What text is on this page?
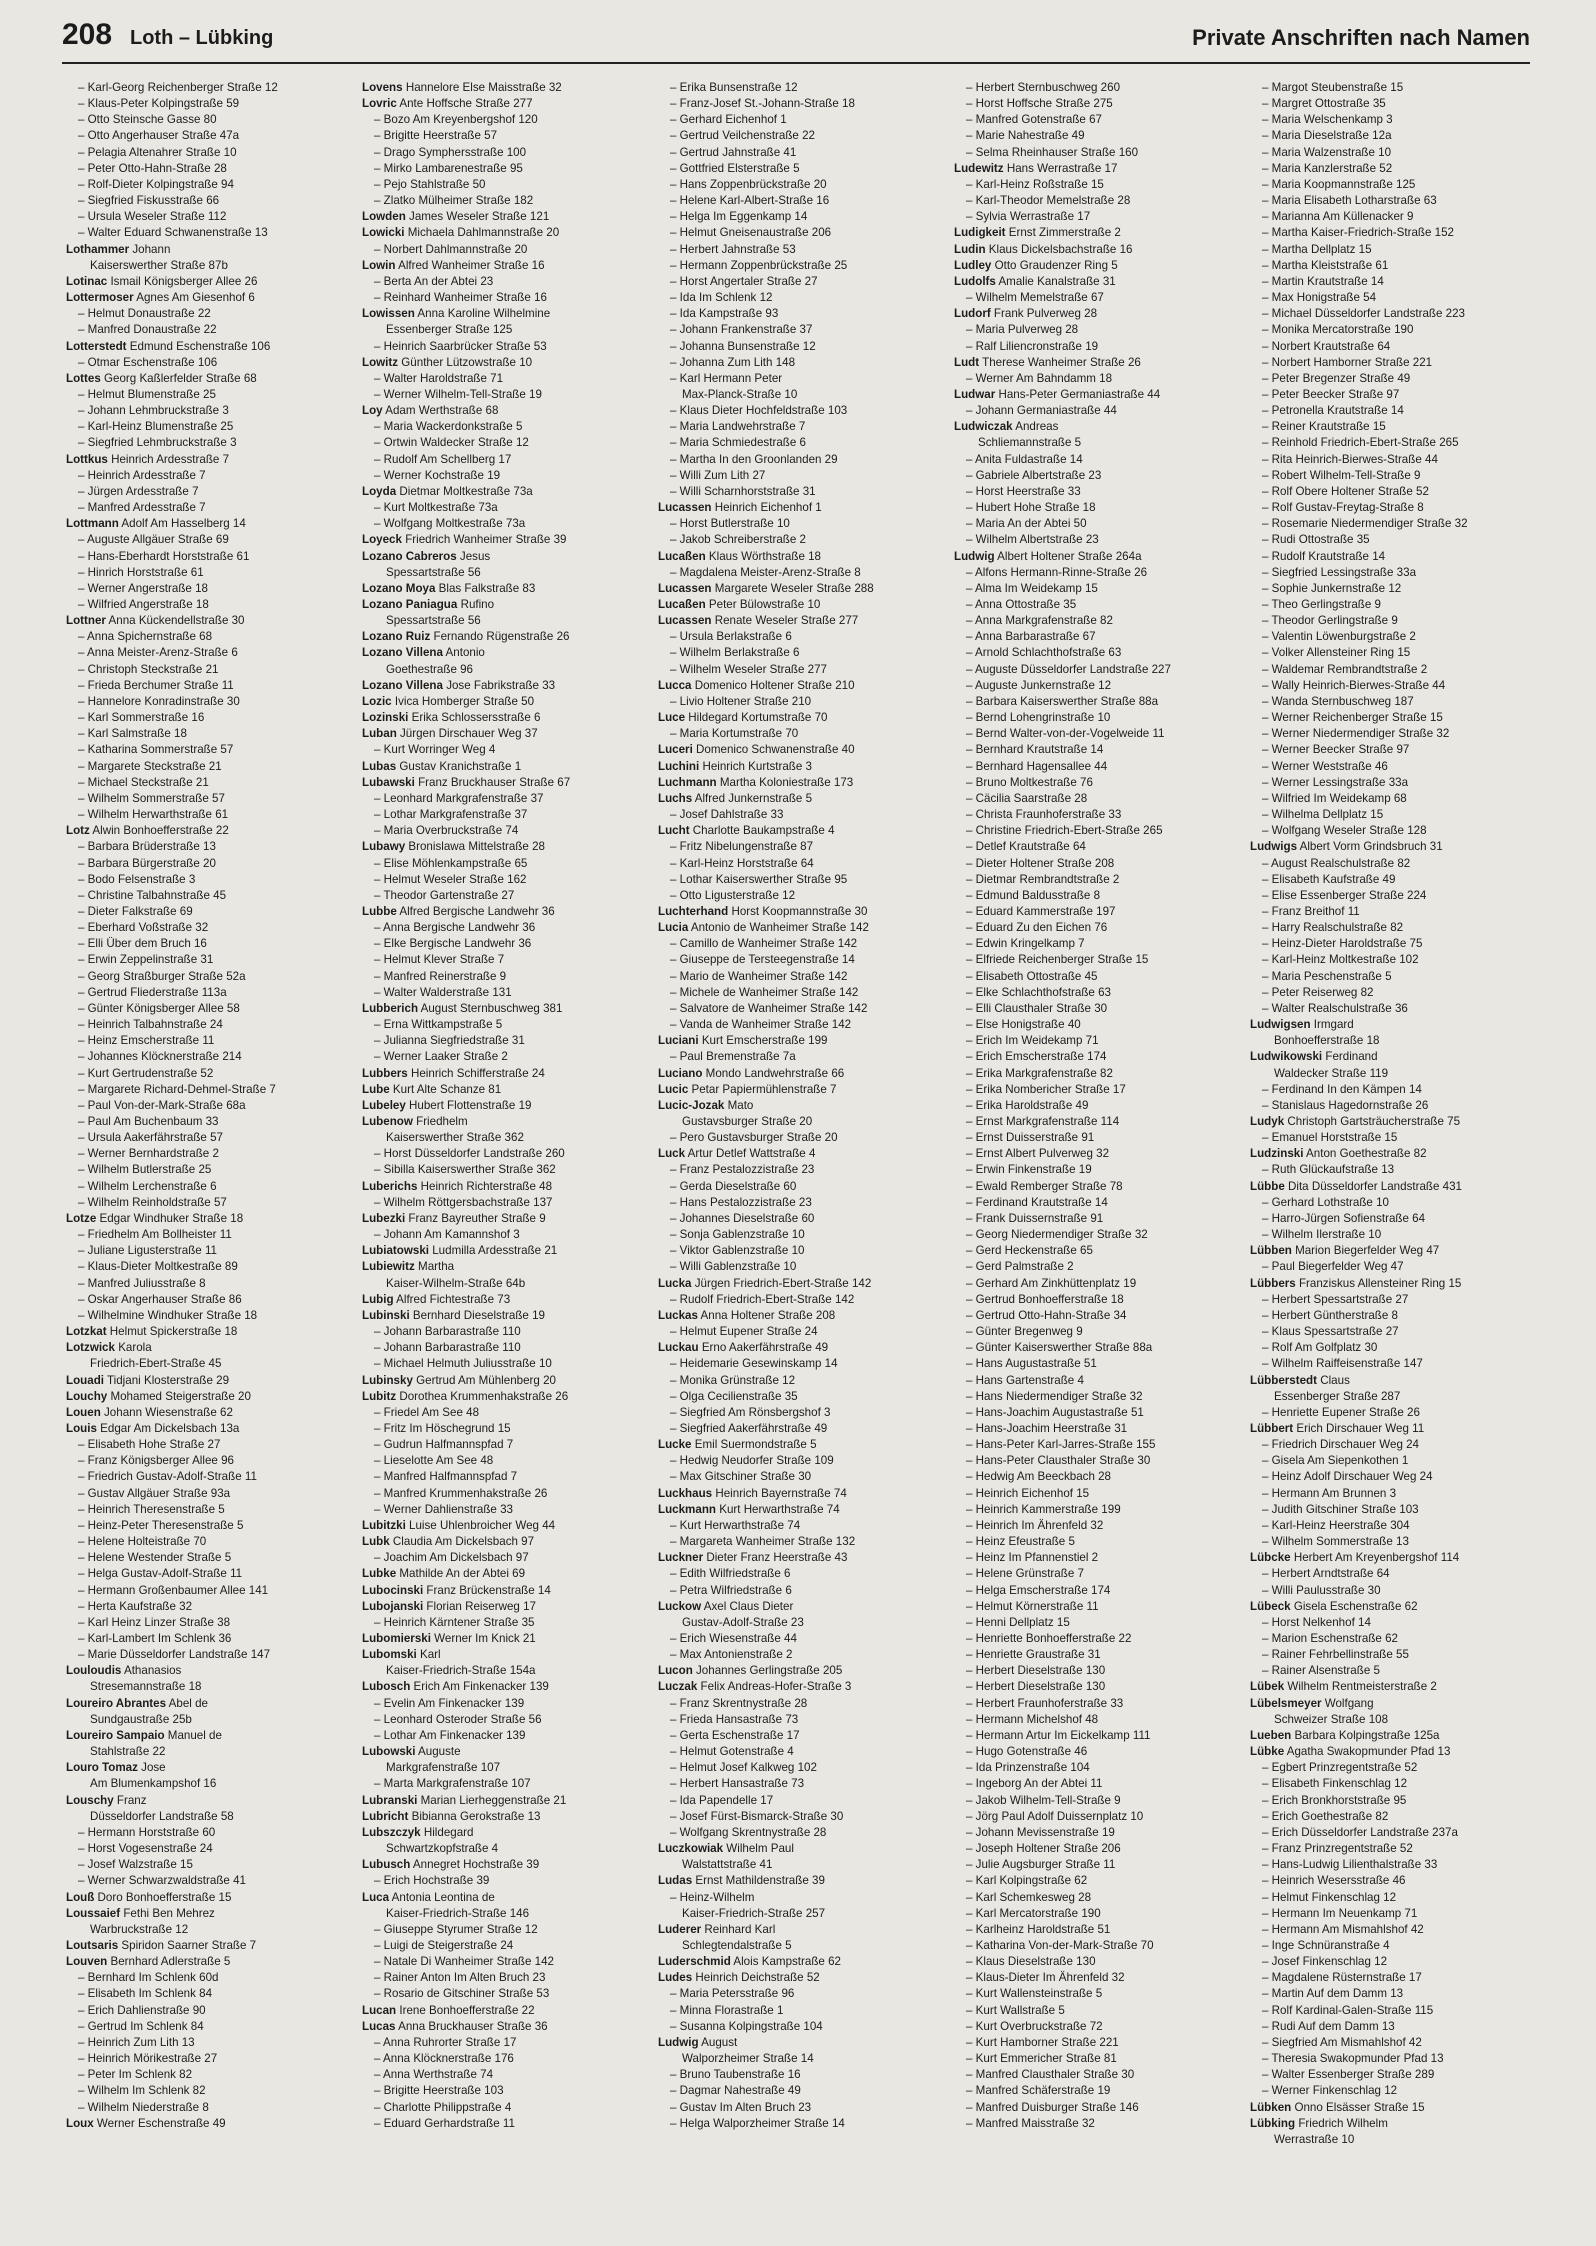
208 Loth – Lübking	Private Anschriften nach Namen
– Karl-Georg Reichenberger Straße 12
– Klaus-Peter Kolpingstraße 59
– Otto Steinsche Gasse 80
– Otto Angerhauser Straße 47a
– Pelagia Altenahrer Straße 10
– Peter Otto-Hahn-Straße 28
– Rolf-Dieter Kolpingstraße 94
– Siegfried Fiskusstraße 66
– Ursula Weseler Straße 112
– Walter Eduard Schwanenstraße 13
Lothammer Johann
Kaiserswerther Straße 87b
Lotinac Ismail Königsberger Allee 26
Lottermoser Agnes Am Giesenhof 6
– Helmut Donaustraße 22
– Manfred Donaustraße 22
Lotterstedt Edmund Eschenstraße 106
– Otmar Eschenstraße 106
Lottes Georg Kaßlerfelder Straße 68
– Helmut Blumenstraße 25
– Johann Lehmbruckstraße 3
– Karl-Heinz Blumenstraße 25
– Siegfried Lehmbruckstraße 3
Lottkus Heinrich Ardesstraße 7
– Heinrich Ardesstraße 7
– Jürgen Ardesstraße 7
– Manfred Ardesstraße 7
Lottmann Adolf Am Hasselberg 14
– Auguste Allgäuer Straße 69
– Hans-Eberhardt Horststraße 61
– Hinrich Horststraße 61
– Werner Angerstraße 18
– Wilfried Angerstraße 18
Lottner Anna Kückendellstraße 30
– Anna Spichernstraße 68
– Anna Meister-Arenz-Straße 6
– Christoph Steckstraße 21
– Frieda Berchumer Straße 11
– Hannelore Konradinstraße 30
– Karl Sommerstraße 16
– Karl Salmstraße 18
– Katharina Sommerstraße 57
– Margarete Steckstraße 21
– Michael Steckstraße 21
– Wilhelm Sommerstraße 57
– Wilhelm Herwarthstraße 61
Lotz Alwin Bonhoefferstraße 22
– Barbara Brüderstraße 13
– Barbara Bürgerstraße 20
– Bodo Felsenstraße 3
– Christine Talbahnstraße 45
– Dieter Falkstraße 69
– Eberhard Voßstraße 32
– Elli Über dem Bruch 16
– Erwin Zeppelinstraße 31
– Georg Straßburger Straße 52a
– Gertrud Fliederstraße 113a
– Günter Königsberger Allee 58
– Heinrich Talbahnstraße 24
– Heinz Emscherstraße 11
– Johannes Klöcknerstraße 214
– Kurt Gertrudenstraße 52
– Margarete Richard-Dehmel-Straße 7
– Paul Von-der-Mark-Straße 68a
– Paul Am Buchenbaum 33
– Ursula Aakerfährstraße 57
– Werner Bernhardstraße 2
– Wilhelm Butlerstraße 25
– Wilhelm Lerchenstraße 6
– Wilhelm Reinholdstraße 57
Lotze Edgar Windhuker Straße 18
– Friedhelm Am Bollheister 11
– Juliane Ligusterstraße 11
– Klaus-Dieter Moltkestraße 89
– Manfred Juliusstraße 8
– Oskar Angerhauser Straße 86
– Wilhelmine Windhuker Straße 18
Lotzkat Helmut Spickerstraße 18
Lotzwick Karola
Friedrich-Ebert-Straße 45
Louadi Tidjani Klosterstraße 29
Louchy Mohamed Steigerstraße 20
Louen Johann Wiesenstraße 62
Louis Edgar Am Dickelsbach 13a
– Elisabeth Hohe Straße 27
– Franz Königsberger Allee 96
– Friedrich Gustav-Adolf-Straße 11
– Gustav Allgäuer Straße 93a
– Heinrich Theresenstraße 5
– Heinz-Peter Theresenstraße 5
– Helene Holteistraße 70
– Helene Westender Straße 5
– Helga Gustav-Adolf-Straße 11
– Hermann Großenbaumer Allee 141
– Herta Kaufstraße 32
– Karl Heinz Linzer Straße 38
– Karl-Lambert Im Schlenk 36
– Marie Düsseldorfer Landstraße 147
Louloudis Athanasios
Stresemannstraße 18
Loureiro Abrantes Abel de
Sundgaustraße 25b
Loureiro Sampaio Manuel de
Stahlstraße 22
Louro Tomaz Jose
Am Blumenkampshof 16
Louschy Franz
Düsseldorfer Landstraße 58
– Hermann Horststraße 60
– Horst Vogesenstraße 24
– Josef Walzstraße 15
– Werner Schwarzwaldstraße 41
Louß Doro Bonhoefferstraße 15
Loussaief Fethi Ben Mehrez
Warbruckstraße 12
Loutsaris Spiridon Saarner Straße 7
Louven Bernhard Adlerstraße 5
– Bernhard Im Schlenk 60d
– Elisabeth Im Schlenk 84
– Erich Dahlienstraße 90
– Gertrud Im Schlenk 84
– Heinrich Zum Lith 13
– Heinrich Mörikestraße 27
– Peter Im Schlenk 82
– Wilhelm Im Schlenk 82
– Wilhelm Niederstraße 8
Loux Werner Eschenstraße 49
Lovens Hannelore Else Maisstraße 32
Lovric Ante Hoffsche Straße 277
– Bozo Am Kreyenbergshof 120
– Brigitte Heerstraße 57
– Drago Symphersstraße 100
– Mirko Lambarenestraße 95
– Pejo Stahlstraße 50
– Zlatko Mülheimer Straße 182
Lowden James Weseler Straße 121
Lowicki Michaela Dahlmannstraße 20
– Norbert Dahlmannstraße 20
Lowin Alfred Wanheimer Straße 16
– Berta An der Abtei 23
– Reinhard Wanheimer Straße 16
Lowissen Anna Karoline Wilhelmine
Essenberger Straße 125
– Heinrich Saarbrücker Straße 53
Lowitz Günther Lützowstraße 10
– Walter Haroldstraße 71
– Werner Wilhelm-Tell-Straße 19
Loy Adam Werthstraße 68
– Maria Wackerdonkstraße 5
– Ortwin Waldecker Straße 12
– Rudolf Am Schellberg 17
– Werner Kochstraße 19
Loyda Dietmar Moltkestraße 73a
– Kurt Moltkestraße 73a
– Wolfgang Moltkestraße 73a
Loyeck Friedrich Wanheimer Straße 39
Lozano Cabreros Jesus
Spessartstraße 56
Lozano Moya Blas Falkstraße 83
Lozano Paniagua Rufino
Spessartstraße 56
Lozano Ruiz Fernando Rügenstraße 26
Lozano Villena Antonio
Goethestraße 96
Lozano Villena Jose Fabrikstraße 33
Lozic Ivica Homberger Straße 50
Lozinski Erika Schlossersstraße 6
Luban Jürgen Dirschauer Weg 37
– Kurt Worringer Weg 4
Lubas Gustav Kranichstraße 1
Lubawski Franz Bruckhauser Straße 67
– Leonhard Markgrafenstraße 37
– Lothar Markgrafenstraße 37
– Maria Overbruckstraße 74
Lubawy Bronislawa Mittelstraße 28
– Elise Möhlenkampstraße 65
– Helmut Weseler Straße 162
– Theodor Gartenstraße 27
Lubbe Alfred Bergische Landwehr 36
– Anna Bergische Landwehr 36
– Elke Bergische Landwehr 36
– Helmut Klever Straße 7
– Manfred Reinerstraße 9
– Walter Walderstraße 131
Lubberich August Sternbuschweg 381
– Erna Wittkampstraße 5
– Julianna Siegfriedstraße 31
– Werner Laaker Straße 2
Lubbers Heinrich Schifferstraße 24
Lube Kurt Alte Schanze 81
Lubeley Hubert Flottenstraße 19
Lubenow Friedhelm
Kaiserswerther Straße 362
– Horst Düsseldorfer Landstraße 260
– Sibilla Kaiserswerther Straße 362
Luberichs Heinrich Richterstraße 48
– Wilhelm Röttgersbachstraße 137
Lubezki Franz Bayreuther Straße 9
– Johann Am Kamannshof 3
Lubiatowski Ludmilla Ardesstraße 21
Lubiewitz Martha
Kaiser-Wilhelm-Straße 64b
Lubig Alfred Fichtestraße 73
Lubinski Bernhard Dieselstraße 19
– Johann Barbarastraße 110
– Johann Barbarastraße 110
– Michael Helmuth Juliusstraße 10
Lubinsky Gertrud Am Mühlenberg 20
Lubitz Dorothea Krummenhakstraße 26
– Friedel Am See 48
– Fritz Im Höschegrund 15
– Gudrun Halfmannspfad 7
– Lieselotte Am See 48
– Manfred Halfmannspfad 7
– Manfred Krummenhakstraße 26
– Werner Dahlienstraße 33
Lubitzki Luise Uhlenbroicher Weg 44
Lubk Claudia Am Dickelsbach 97
– Joachim Am Dickelsbach 97
Lubke Mathilde An der Abtei 69
Lubocinski Franz Brückenstraße 14
Lubojanski Florian Reiserweg 17
– Heinrich Kärntener Straße 35
Lubomierski Werner Im Knick 21
Lubomski Karl
Kaiser-Friedrich-Straße 154a
Lubosch Erich Am Finkenacker 139
– Evelin Am Finkenacker 139
– Leonhard Osteroder Straße 56
– Lothar Am Finkenacker 139
Lubowski Auguste
Markgrafenstraße 107
– Marta Markgrafenstraße 107
Lubranski Marian Lierheggenstraße 21
Lubricht Bibianna Gerokstraße 13
Lubszczyk Hildegard
Schwartzkopfstraße 4
Lubusch Annegret Hochstraße 39
– Erich Hochstraße 39
Luca Antonia Leontina de
Kaiser-Friedrich-Straße 146
– Giuseppe Styrumer Straße 12
– Luigi de Steigerstraße 24
– Natale Di Wanheimer Straße 142
– Rainer Anton Im Alten Bruch 23
– Rosario de Gitschiner Straße 53
Lucan Irene Bonhoefferstraße 22
Lucas Anna Bruckhauser Straße 36
– Anna Ruhrorter Straße 17
– Anna Klöcknerstraße 176
– Anna Werthstraße 74
– Brigitte Heerstraße 103
– Charlotte Philippstraße 4
– Eduard Gerhardstraße 11
– Erika Bunsenstraße 12
– Franz-Josef St.-Johann-Straße 18
– Gerhard Eichenhof 1
– Gertrud Veilchenstraße 22
– Gertrud Jahnstraße 41
– Gottfried Elsterstraße 5
– Hans Zoppenbrückstraße 20
– Helene Karl-Albert-Straße 16
– Helga Im Eggenkamp 14
– Helmut Gneisenaustraße 206
– Herbert Jahnstraße 53
– Hermann Zoppenbrückstraße 25
– Horst Angertaler Straße 27
– Ida Im Schlenk 12
– Ida Kampstraße 93
– Johann Frankenstraße 37
– Johanna Bunsenstraße 12
– Johanna Zum Lith 148
– Karl Hermann Peter
Max-Planck-Straße 10
– Klaus Dieter Hochfeldstraße 103
– Maria Landwehrstraße 7
– Maria Schmiedestraße 6
– Martha In den Groonlanden 29
– Willi Zum Lith 27
– Willi Scharnhorststraße 31
Lucassen Heinrich Eichenhof 1
– Horst Butlerstraße 10
– Jakob Schreiberstraße 2
Lucaßen Klaus Wörthstraße 18
– Magdalena Meister-Arenz-Straße 8
Lucassen Margarete Weseler Straße 288
Lucaßen Peter Bülowstraße 10
Lucassen Renate Weseler Straße 277
– Ursula Berlakstraße 6
– Wilhelm Berlakstraße 6
– Wilhelm Weseler Straße 277
Lucca Domenico Holtener Straße 210
– Livio Holtener Straße 210
Luce Hildegard Kortumstraße 70
– Maria Kortumstraße 70
Luceri Domenico Schwanenstraße 40
Luchini Heinrich Kurtstraße 3
Luchmann Martha Koloniestraße 173
Luchs Alfred Junkernstraße 5
– Josef Dahlstraße 33
Lucht Charlotte Baukampstraße 4
– Fritz Nibelungenstraße 87
– Karl-Heinz Horststraße 64
– Lothar Kaiserswerther Straße 95
– Otto Ligusterstraße 12
Luchterhand Horst Koopmannstraße 30
Lucia Antonio de Wanheimer Straße 142
– Camillo de Wanheimer Straße 142
– Giuseppe de Tersteegenstraße 14
– Mario de Wanheimer Straße 142
– Michele de Wanheimer Straße 142
– Salvatore de Wanheimer Straße 142
– Vanda de Wanheimer Straße 142
Luciani Kurt Emscherstraße 199
– Paul Bremenstraße 7a
Luciano Mondo Landwehrstraße 66
Lucic Petar Papiermühlenstraße 7
Lucic-Jozak Mato
Gustavsburger Straße 20
– Pero Gustavsburger Straße 20
Luck Artur Detlef Wattstraße 4
– Franz Pestalozzistraße 23
– Gerda Dieselstraße 60
– Hans Pestalozzistraße 23
– Johannes Dieselstraße 60
– Sonja Gablenzstraße 10
– Viktor Gablenzstraße 10
– Willi Gablenzstraße 10
Lucka Jürgen Friedrich-Ebert-Straße 142
– Rudolf Friedrich-Ebert-Straße 142
Luckas Anna Holtener Straße 208
– Helmut Eupener Straße 24
Luckau Erno Aakerfährstraße 49
– Heidemarie Gesewinskamp 14
– Monika Grünstraße 12
– Olga Cecilienstraße 35
– Siegfried Am Rönsbergshof 3
– Siegfried Aakerfährstraße 49
Lucke Emil Suermondstraße 5
– Hedwig Neudorfer Straße 109
– Max Gitschiner Straße 30
Luckhaus Heinrich Bayernstraße 74
Luckmann Kurt Herwarthstraße 74
– Kurt Herwarthstraße 74
– Margareta Wanheimer Straße 132
Luckner Dieter Franz Heerstraße 43
– Edith Wilfriedstraße 6
– Petra Wilfriedstraße 6
Luckow Axel Claus Dieter
Gustav-Adolf-Straße 23
– Erich Wiesenstraße 44
– Max Antonienstraße 2
Lucon Johannes Gerlingstraße 205
Luczak Felix Andreas-Hofer-Straße 3
– Franz Skrentnystraße 28
– Frieda Hansastraße 73
– Gerta Eschenstraße 17
– Helmut Gotenstraße 4
– Helmut Josef Kalkweg 102
– Herbert Hansastraße 73
– Ida Papendelle 17
– Josef Fürst-Bismarck-Straße 30
– Wolfgang Skrentnystraße 28
Luczkowiak Wilhelm Paul
Walstattstraße 41
Ludas Ernst Mathildenstraße 39
– Heinz-Wilhelm
Kaiser-Friedrich-Straße 257
Luderer Reinhard Karl
Schlegtendalstraße 5
Luderschmid Alois Kampstraße 62
Ludes Heinrich Deichstraße 52
– Maria Petersstraße 96
– Minna Florastraße 1
– Susanna Kolpingstraße 104
Ludwig August
Walporzheimer Straße 14
– Bruno Taubenstraße 16
– Dagmar Nahestraße 49
– Gustav Im Alten Bruch 23
– Helga Walporzheimer Straße 14
– Herbert Sternbuschweg 260
– Horst Hoffsche Straße 275
– Manfred Gotenstraße 67
– Marie Nahestraße 49
– Selma Rheinhauser Straße 160
Ludewitz Hans Werrastraße 17
– Karl-Heinz Roßstraße 15
– Karl-Theodor Memelstraße 28
– Sylvia Werrastraße 17
Ludigkeit Ernst Zimmerstraße 2
Ludin Klaus Dickelsbachstraße 16
Ludley Otto Graudenzer Ring 5
Ludolfs Amalie Kanalstraße 31
– Wilhelm Memelstraße 67
Ludorf Frank Pulverweg 28
– Maria Pulverweg 28
– Ralf Liliencronstraße 19
Ludt Therese Wanheimer Straße 26
– Werner Am Bahndamm 18
Ludwar Hans-Peter Germaniastraße 44
– Johann Germaniastraße 44
Ludwiczak Andreas
Schliemannstraße 5
– Anita Fuldastraße 14
– Gabriele Albertstraße 23
– Horst Heerstraße 33
– Hubert Hohe Straße 18
– Maria An der Abtei 50
– Wilhelm Albertstraße 23
Ludwig Albert Holtener Straße 264a
– Alfons Hermann-Rinne-Straße 26
– Alma Im Weidekamp 15
– Anna Ottostraße 35
– Anna Markgrafenstraße 82
– Anna Barbarastraße 67
– Arnold Schlachthofstraße 63
– Auguste Düsseldorfer Landstraße 227
– Auguste Junkernstraße 12
– Barbara Kaiserswerther Straße 88a
– Bernd Lohengrinstraße 10
– Bernd Walter-von-der-Vogelweide 11
– Bernhard Krautstraße 14
– Bernhard Hagensallee 44
– Bruno Moltkestraße 76
– Cäcilia Saarstraße 28
– Christa Fraunhoferstraße 33
– Christine Friedrich-Ebert-Straße 265
– Detlef Krautstraße 64
– Dieter Holtener Straße 208
– Dietmar Rembrandtstraße 2
– Edmund Baldusstraße 8
– Eduard Kammerstraße 197
– Eduard Zu den Eichen 76
– Edwin Kringelkamp 7
– Elfriede Reichenberger Straße 15
– Elisabeth Ottostraße 45
– Elke Schlachthofstraße 63
– Elli Clausthaler Straße 30
– Else Honigstraße 40
– Erich Im Weidekamp 71
– Erich Emscherstraße 174
– Erika Markgrafenstraße 82
– Erika Nombericher Straße 17
– Erika Haroldstraße 49
– Ernst Markgrafenstraße 114
– Ernst Duisserstraße 91
– Ernst Albert Pulverweg 32
– Erwin Finkenstraße 19
– Ewald Remberger Straße 78
– Ferdinand Krautstraße 14
– Frank Duissernstraße 91
– Georg Niedermendiger Straße 32
– Gerd Heckenstraße 65
– Gerd Palmstraße 2
– Gerhard Am Zinkhüttenplatz 19
– Gertrud Bonhoefferstraße 18
– Gertrud Otto-Hahn-Straße 34
– Günter Bregenweg 9
– Günter Kaiserswerther Straße 88a
– Hans Augustastraße 51
– Hans Gartenstraße 4
– Hans Niedermendiger Straße 32
– Hans-Joachim Augustastraße 51
– Hans-Joachim Heerstraße 31
– Hans-Peter Karl-Jarres-Straße 155
– Hans-Peter Clausthaler Straße 30
– Hedwig Am Beeckbach 28
– Heinrich Eichenhof 15
– Heinrich Kammerstraße 199
– Heinrich Im Ährenfeld 32
– Heinz Efeustraße 5
– Heinz Im Pfannenstiel 2
– Helene Grünstraße 7
– Helga Emscherstraße 174
– Helmut Körnerstraße 11
– Henni Dellplatz 15
– Henriette Bonhoefferstraße 22
– Henriette Graustraße 31
– Herbert Dieselstraße 130
– Herbert Dieselstraße 130
– Herbert Fraunhoferstraße 33
– Hermann Michelshof 48
– Hermann Artur Im Eickelkamp 111
– Hugo Gotenstraße 46
– Ida Prinzenstraße 104
– Ingeborg An der Abtei 11
– Jakob Wilhelm-Tell-Straße 9
– Jörg Paul Adolf Duissernplatz 10
– Johann Mevissenstraße 19
– Joseph Holtener Straße 206
– Julie Augsburger Straße 11
– Karl Kolpingstraße 62
– Karl Schemkesweg 28
– Karl Mercatorstraße 190
– Karlheinz Haroldstraße 51
– Katharina Von-der-Mark-Straße 70
– Klaus Dieselstraße 130
– Klaus-Dieter Im Ährenfeld 32
– Kurt Wallensteinstraße 5
– Kurt Wallstraße 5
– Kurt Overbruckstraße 72
– Kurt Hamborner Straße 221
– Kurt Emmericher Straße 81
– Manfred Clausthaler Straße 30
– Manfred Schäferstraße 19
– Manfred Duisburger Straße 146
– Manfred Maisstraße 32
– Margot Steubenstraße 15
– Margret Ottostraße 35
– Maria Welschenkamp 3
– Maria Dieselstraße 12a
– Maria Walzenstraße 10
– Maria Kanzlerstraße 52
– Maria Koopmannstraße 125
– Maria Elisabeth Lotharstraße 63
– Marianna Am Küllenacker 9
– Martha Kaiser-Friedrich-Straße 152
– Martha Dellplatz 15
– Martha Kleiststraße 61
– Martin Krautstraße 14
– Max Honigstraße 54
– Michael Düsseldorfer Landstraße 223
– Monika Mercatorstraße 190
– Norbert Krautstraße 64
– Norbert Hamborner Straße 221
– Peter Bregenzer Straße 49
– Peter Beecker Straße 97
– Petronella Krautstraße 14
– Reiner Krautstraße 15
– Reinhold Friedrich-Ebert-Straße 265
– Rita Heinrich-Bierwes-Straße 44
– Robert Wilhelm-Tell-Straße 9
– Rolf Obere Holtener Straße 52
– Rolf Gustav-Freytag-Straße 8
– Rosemarie Niedermendiger Straße 32
– Rudi Ottostraße 35
– Rudolf Krautstraße 14
– Siegfried Lessingstraße 33a
– Sophie Junkernstraße 12
– Theo Gerlingstraße 9
– Theodor Gerlingstraße 9
– Valentin Löwenburgstraße 2
– Volker Allensteiner Ring 15
– Waldemar Rembrandtstraße 2
– Wally Heinrich-Bierwes-Straße 44
– Wanda Sternbuschweg 187
– Werner Reichenberger Straße 15
– Werner Niedermendiger Straße 32
– Werner Beecker Straße 97
– Werner Weststraße 46
– Werner Lessingstraße 33a
– Wilfried Im Weidekamp 68
– Wilhelma Dellplatz 15
– Wolfgang Weseler Straße 128
Ludwigs Albert Vorm Grindsbruch 31
– August Realschulstraße 82
– Elisabeth Kaufstraße 49
– Elise Essenberger Straße 224
– Franz Breithof 11
– Harry Realschulstraße 82
– Heinz-Dieter Haroldstraße 75
– Karl-Heinz Moltkestraße 102
– Maria Peschenstraße 5
– Peter Reiserweg 82
– Walter Realschulstraße 36
Ludwigsen Irmgard
Bonhoefferstraße 18
Ludwikowski Ferdinand
Waldecker Straße 119
– Ferdinand In den Kämpen 14
– Stanislaus Hagedornstraße 26
Ludyk Christoph Gartsträucherstraße 75
– Emanuel Horststraße 15
Ludzinski Anton Goethestraße 82
– Ruth Glückaufstraße 13
Lübbe Dita Düsseldorfer Landstraße 431
– Gerhard Lothstraße 10
– Harro-Jürgen Sofienstraße 64
– Wilhelm Ilerstraße 10
Lübben Marion Biegerfelder Weg 47
– Paul Biegerfelder Weg 47
Lübbers Franziskus Allensteiner Ring 15
– Herbert Spessartstraße 27
– Herbert Güntherstraße 8
– Klaus Spessartstraße 27
– Rolf Am Golfplatz 30
– Wilhelm Raiffeisenstraße 147
Lübberstedt Claus
Essenberger Straße 287
– Henriette Eupener Straße 26
Lübbert Erich Dirschauer Weg 11
– Friedrich Dirschauer Weg 24
– Gisela Am Siepenkothen 1
– Heinz Adolf Dirschauer Weg 24
– Hermann Am Brunnen 3
– Judith Gitschiner Straße 103
– Karl-Heinz Heerstraße 304
– Wilhelm Sommerstraße 13
Lübcke Herbert Am Kreyenbergshof 114
– Herbert Arndtstraße 64
– Willi Paulusstraße 30
Lübeck Gisela Eschenstraße 62
– Horst Nelkenhof 14
– Marion Eschenstraße 62
– Rainer Fehrbellinstraße 55
– Rainer Alsenstraße 5
Lübek Wilhelm Rentmeisterstraße 2
Lübelsmeyer Wolfgang
Schweizer Straße 108
Lueben Barbara Kolpingstraße 125a
Lübke Agatha Swakopmunder Pfad 13
– Egbert Prinzregentstraße 52
– Elisabeth Finkenschlag 12
– Erich Bronkhorststraße 95
– Erich Goethestraße 82
– Erich Düsseldorfer Landstraße 237a
– Franz Prinzregentstraße 52
– Hans-Ludwig Lilienthalstraße 33
– Heinrich Wesersstraße 46
– Helmut Finkenschlag 12
– Hermann Im Neuenkamp 71
– Hermann Am Mismahlshof 42
– Inge Schnüranstraße 4
– Josef Finkenschlag 12
– Magdalene Rüsternstraße 17
– Martin Auf dem Damm 13
– Rolf Kardinal-Galen-Straße 115
– Rudi Auf dem Damm 13
– Siegfried Am Mismahlshof 42
– Theresia Swakopmunder Pfad 13
– Walter Essenberger Straße 289
– Werner Finkenschlag 12
Lübken Onno Elsässer Straße 15
Lübking Friedrich Wilhelm
Werrastraße 10
